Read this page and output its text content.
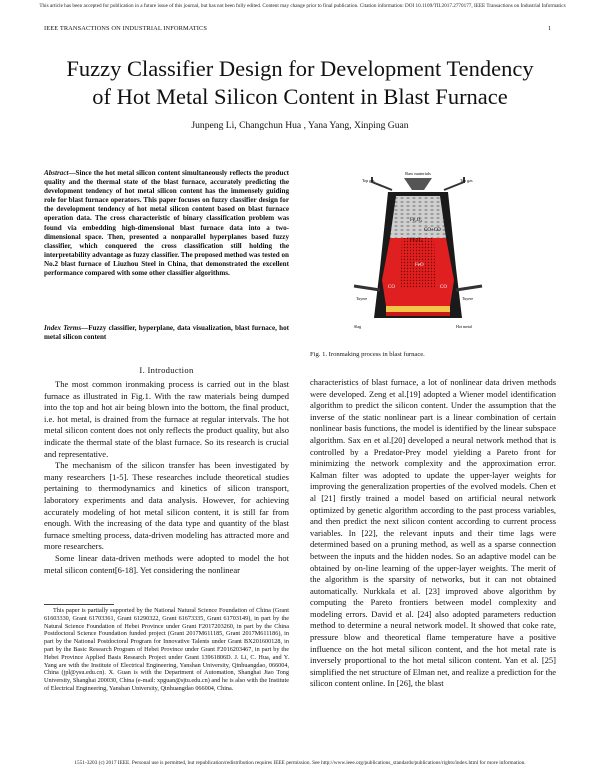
This article has been accepted for publication in a future issue of this journal, but has not been fully edited. Content may change prior to final publication. Citation information: DOI 10.1109/TII.2017.2770177, IEEE Transactions on Industrial Informatics
IEEE TRANSACTIONS ON INDUSTRIAL INFORMATICS	1
Fuzzy Classifier Design for Development Tendency
of Hot Metal Silicon Content in Blast Furnace
Junpeng Li, Changchun Hua , Yana Yang, Xinping Guan
Abstract—Since the hot metal silicon content simultaneously reflects the product quality and the thermal state of the blast furnace, accurately predicting the development tendency of hot metal silicon content has the immensely guiding role for blast furnace operators. This paper focuses on fuzzy classifier design for the development tendency of hot metal silicon content based on blast furnace operation data. The cross characteristic of binary classification problem was found via embedding high-dimensional blast furnace data into a two-dimensional space. Then, presented a nonparallel hyperplanes based fuzzy classifier, which conquered the cross classification still holding the interpretability advantage as fuzzy classifier. The proposed method was tested on No.2 blast furnace of Liuzhou Steel in China, that demonstrated the excellent performance compared with some other classifier algorithms.
Index Terms—Fuzzy classifier, hyperplane, data visualization, blast furnace, hot metal silicon content
I. Introduction

The most common ironmaking process is carried out in the blast furnace as illustrated in Fig.1. With the raw materials being dumped into the top and hot air being blown into the bottom, the final product, i.e. hot metal, is drained from the furnace at regular intervals. The hot metal silicon content does not only reflects the product quality, but also indicate the thermal state of the blast furnace. So its research is crucial and representative.

The mechanism of the silicon transfer has been investigated by many researchers [1-5]. These researches include theoretical studies pertaining to thermodynamics and kinetics of silicon transport, laboratory experiments and data analysis. However, for achieving accurately modeling of hot metal silicon content, it is still far from enough. With the increasing of the data type and quantity of the blast furnace smelting process, data-driven modeling has attracted more and more researchers.

Some linear data-driven methods were adopted to model the hot metal silicon content[6-18]. Yet considering the nonlinear

This paper is partially supported by the National Natural Science Foundation of China (Grant 61603330, Grant 61703361, Grant 61290322, Grant 61673335, Grant 61703149), in part by the Natural Science Foundation of Hebei Province under Grant F2017203260, in part by the China Postdoctoral Science Foundation funded project (Grant 2017M611185, Grant 2017M611186), in part by the National Postdoctoral Program for Innovative Talents under Grant BX201600128, in part by the Basic Research Program of Hebei Province under Grant F2016203467, in part by the Hebei Province Applied Basis Research Project under Grant 13961806D. J. Li, C. Hua, and Y. Yang are with the Institute of Electrical Engineering, Yanshan University, Qinhuangdao, 066004, China (jpl@ysu.edu.cn). X. Guan is with the Department of Automation, Shanghai Jiao Tong University, Shanghai 200030, China (e-mail: xpguan@sjtu.edu.cn) and he is also with the Institute of Electrical Engineering, Yanshan University, Qinhuangdao 066004, China.

characteristics of blast furnace, a lot of nonlinear data driven methods were developed. Zeng et al.[19] adopted a Wiener model identification algorithm to predict the silicon content. Under the assumption that the inverse of the static nonlinear part is a linear combination of certain nonlinear basis functions, the model is identified by the linear subspace algorithm. Sax en et al.[20] developed a neural network method that is controlled by a Predator-Prey model yielding a Pareto front for minimizing the network complexity and the approximation error. Kalman filter was adopted to update the upper-layer weights for improving the generalization properties of the evolved models. Chen et al [21] firstly trained a model based on artificial neural network optimized by genetic algorithm according to the past process variables, and then predict the next silicon content according to current process variables. In [22], the relevant inputs and their time lags were determined based on a pruning method, as well as a sparse connection between the inputs and the hidden nodes. So an adaptive model can be obtained by on-line learning of the upper-layer weights. The merit of the algorithm is the sparsity of networks, but it can not obtained automatically. Nurkkala et al. [23] improved above algorithm by computing the Pareto frontiers between model complexity and modeling errors. David et al. [24] also adopted parameters reduction method to determine a neural network model. It showed that coke rate, pressure blow and theoretical flame temperature have a positive influence on the hot metal silicon content, and the hot metal rate is inversely proportional to the hot metal silicon content. Yan et al. [25] simplified the net structure of Elman net, and realize a prediction for the silicon content online. In [26], the blast

Raw materials
Top gas	Top gas
Fe₂O₃
CO+CO
Fe₃O₄
FeO
CO	CO
Tuyere	Tuyere
Slag	Hot metal
Fig. 1. Ironmaking process in blast furnace.
1551-3203 (c) 2017 IEEE. Personal use is permitted, but republication/redistribution requires IEEE permission. See http://www.ieee.org/publications_standards/publications/rights/index.html for more information.
